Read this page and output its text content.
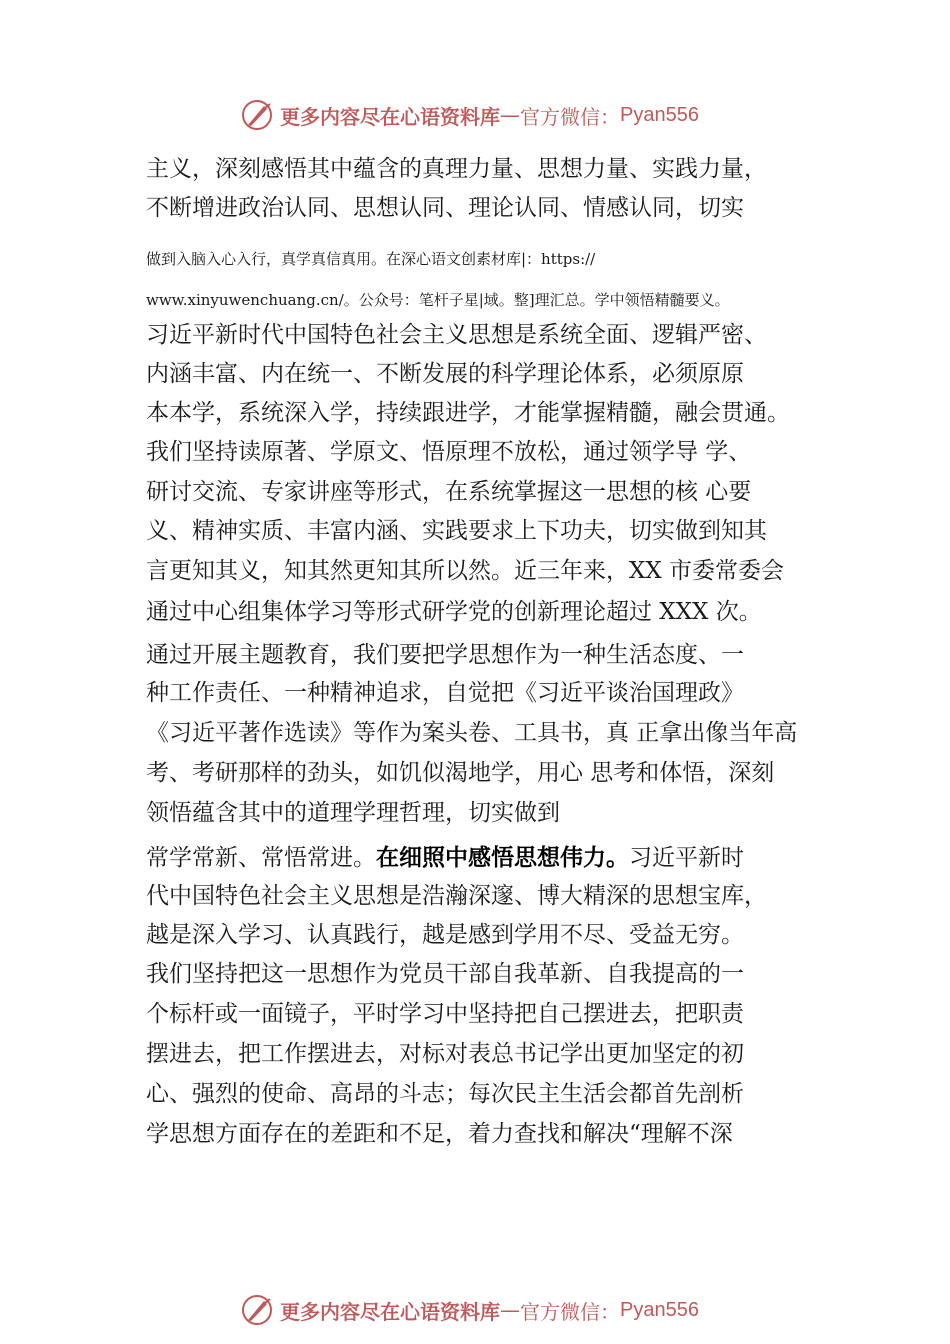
更多内容尽在心语资料库 — 官方微信： Pyan556
主义，深刻感悟其中蕴含的真理力量、思想力量、实践力量，
不断增进政治认同、思想认同、理论认同、情感认同，切实
做到入脑入心入行，真学真信真用。在深心语文创素材库|：https://
www.xinyuwenchuang.cn/。公众号：笔杆子星|域。整]理汇总。学中领悟精髓要义。
习近平新时代中国特色社会主义思想是系统全面、逻辑严密、
内涵丰富、内在统一、不断发展的科学理论体系，必须原原
本本学，系统深入学，持续跟进学，才能掌握精髓，融会贯通。
我们坚持读原著、学原文、悟原理不放松，通过领学导 学、
研讨交流、专家讲座等形式，在系统掌握这一思想的核 心要
义、精神实质、丰富内涵、实践要求上下功夫，切实做到知其
言更知其义，知其然更知其所以然。近三年来，XX 市委常委会
通过中心组集体学习等形式研学党的创新理论超过 XXX 次。
通过开展主题教育，我们要把学思想作为一种生活态度、一
种工作责任、一种精神追求，自觉把《习近平谈治国理政》
《习近平著作选读》等作为案头卷、工具书，真 正拿出像当年高
考、考研那样的劲头，如饥似渴地学，用心 思考和体悟，深刻
领悟蕴含其中的道理学理哲理，切实做到
常学常新、常悟常进。在细照中感悟思想伟力。习近平新时
代中国特色社会主义思想是浩瀚深邃、博大精深的思想宝库，
越是深入学习、认真践行，越是感到学用不尽、受益无穷。
我们坚持把这一思想作为党员干部自我革新、自我提高的一
个标杆或一面镜子，平时学习中坚持把自己摆进去，把职责
摆进去，把工作摆进去，对标对表总书记学出更加坚定的初
心、强烈的使命、高昂的斗志；每次民主生活会都首先剖析
学思想方面存在的差距和不足，着力查找和解决“理解不深
更多内容尽在心语资料库 — 官方微信： Pyan556
